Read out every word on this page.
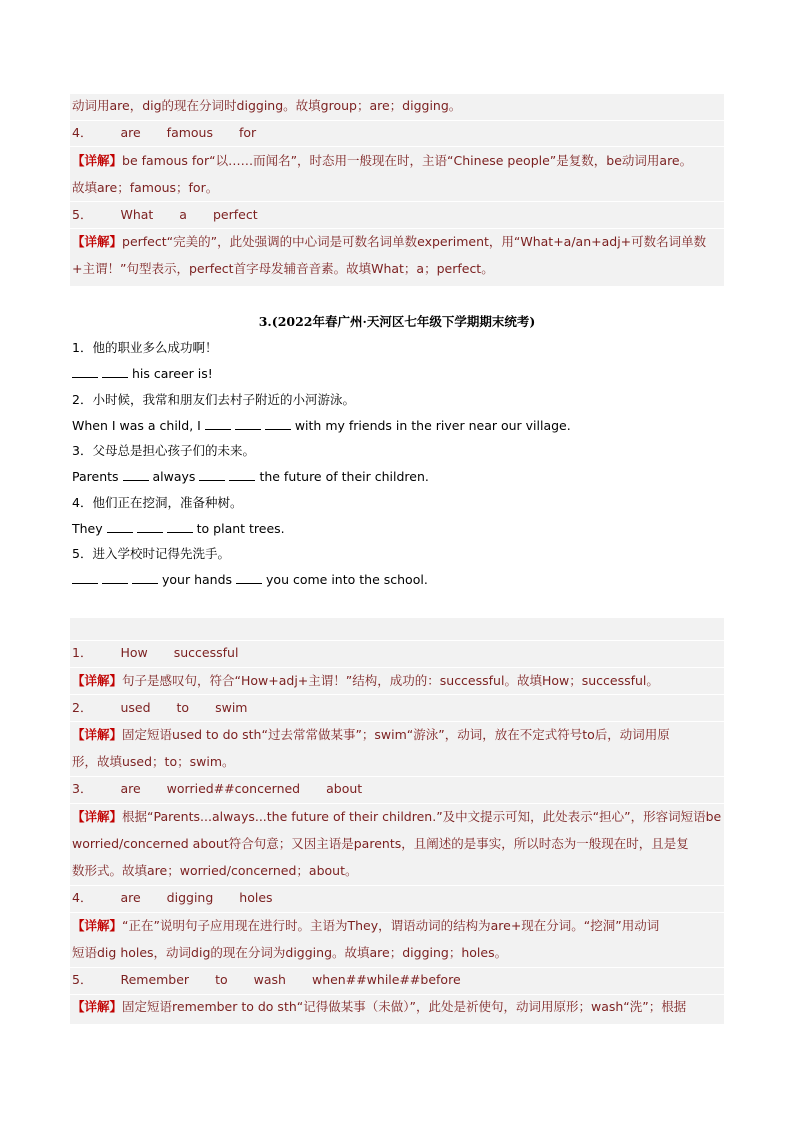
动词用are，dig的现在分词时digging。故填group；are；digging。
4． are famous for
【详解】be famous for“以……而闻名”，时态用一般现在时，主语“Chinese people”是复数，be动词用are。
故填are；famous；for。
5． What a perfect
【详解】perfect“完美的”，此处强调的中心词是可数名词单数experiment，用“What+a/an+adj+可数名词单数
+主谓！”句型表示，perfect首字母发辅音音素。故填What；a；perfect。
3.(2022年春广州·天河区七年级下学期期末统考)
1．他的职业多么成功啊！
his career is!
2．小时候，我常和朋友们去村子附近的小河游泳。
When I was a child, I	with my friends in the river near our village.
3．父母总是担心孩子们的未来。
Parents	always	the future of their children.
4．他们正在挖洞，准备种树。
They	to plant trees.
5．进入学校时记得先洗手。
your hands	you come into the school.
1． How successful
【详解】句子是感叹句，符合“How+adj+主谓！”结构，成功的：successful。故填How；successful。
2． used to swim
【详解】固定短语used to do sth“过去常常做某事”；swim“游泳”，动词，放在不定式符号to后，动词用原
形，故填used；to；swim。
3． are worried##concerned about
【详解】根据“Parents...always...the future of their children.”及中文提示可知，此处表示“担心”，形容词短语be
worried/concerned about符合句意；又因主语是parents，且阐述的是事实，所以时态为一般现在时，且是复
数形式。故填are；worried/concerned；about。
4． are digging holes
【详解】“正在”说明句子应用现在进行时。主语为They，谓语动词的结构为are+现在分词。“挖洞”用动词
短语dig holes，动词dig的现在分词为digging。故填are；digging；holes。
5． Remember to wash when##while##before
【详解】固定短语remember to do sth“记得做某事（未做）”，此处是祈使句，动词用原形；wash“洗”；根据
